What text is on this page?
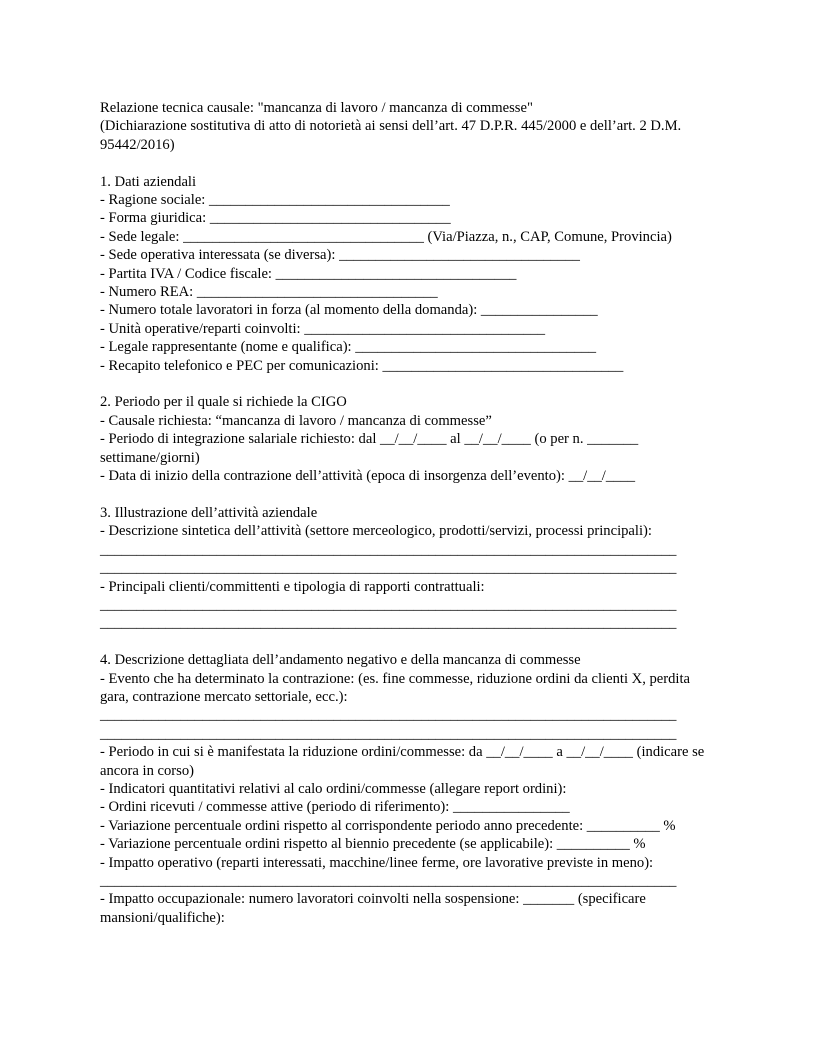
Relazione tecnica causale: "mancanza di lavoro / mancanza di commesse"

(Dichiarazione sostitutiva di atto di notorietà ai sensi dell’art. 47 D.P.R. 445/2000 e dell’art. 2 D.M. 95442/2016)

1. Dati aziendali

- Ragione sociale: _________________________________

- Forma giuridica: _________________________________

- Sede legale: _________________________________ (Via/Piazza, n., CAP, Comune, Provincia)

- Sede operativa interessata (se diversa): _________________________________

- Partita IVA / Codice fiscale: _________________________________

- Numero REA: _________________________________

- Numero totale lavoratori in forza (al momento della domanda): ________________

- Unità operative/reparti coinvolti: _________________________________

- Legale rappresentante (nome e qualifica): _________________________________

- Recapito telefonico e PEC per comunicazioni: _________________________________

2. Periodo per il quale si richiede la CIGO

- Causale richiesta: “mancanza di lavoro / mancanza di commesse”

- Periodo di integrazione salariale richiesto: dal __/__/____ al __/__/____ (o per n. _______ settimane/giorni)

- Data di inizio della contrazione dell’attività (epoca di insorgenza dell’evento): __/__/____

3. Illustrazione dell’attività aziendale

- Descrizione sintetica dell’attività (settore merceologico, prodotti/servizi, processi principali):

_______________________________________________________________________________

_______________________________________________________________________________

- Principali clienti/committenti e tipologia di rapporti contrattuali:

_______________________________________________________________________________

_______________________________________________________________________________

4. Descrizione dettagliata dell’andamento negativo e della mancanza di commesse

- Evento che ha determinato la contrazione: (es. fine commesse, riduzione ordini da clienti X, perdita gara, contrazione mercato settoriale, ecc.):

_______________________________________________________________________________

_______________________________________________________________________________

- Periodo in cui si è manifestata la riduzione ordini/commesse: da __/__/____ a __/__/____ (indicare se ancora in corso)

- Indicatori quantitativi relativi al calo ordini/commesse (allegare report ordini):

- Ordini ricevuti / commesse attive (periodo di riferimento): ________________

- Variazione percentuale ordini rispetto al corrispondente periodo anno precedente: __________ %

- Variazione percentuale ordini rispetto al biennio precedente (se applicabile): __________ %

- Impatto operativo (reparti interessati, macchine/linee ferme, ore lavorative previste in meno):

_______________________________________________________________________________

- Impatto occupazionale: numero lavoratori coinvolti nella sospensione: _______ (specificare mansioni/qualifiche):
